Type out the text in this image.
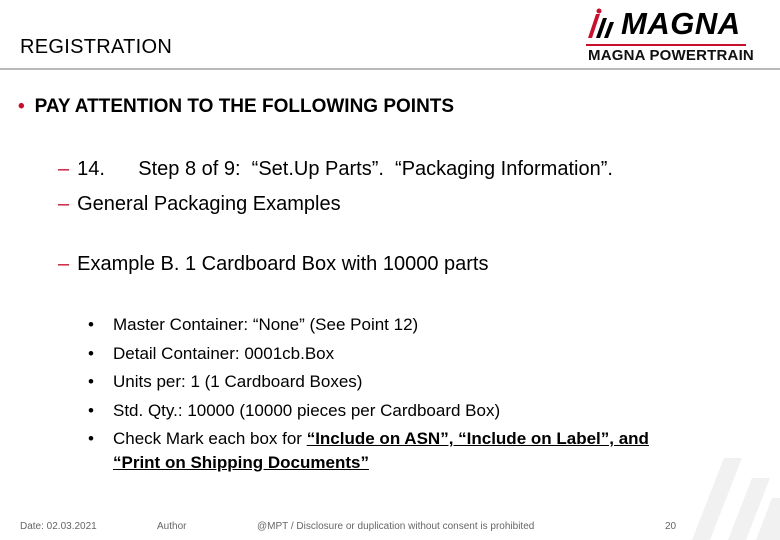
REGISTRATION
MAGNA
MAGNA POWERTRAIN
• PAY ATTENTION TO THE FOLLOWING POINTS
– 14.      Step 8 of 9:  “Set.Up Parts”.  “Packaging Information”.
– General Packaging Examples
– Example B. 1 Cardboard Box with 10000 parts
• Master Container: “None” (See Point 12)
• Detail Container: 0001cb.Box
• Units per: 1 (1 Cardboard Boxes)
• Std. Qty.: 10000 (10000 pieces per Cardboard Box)
• Check Mark each box for “Include on ASN”, “Include on Label”, and
“Print on Shipping Documents”
Date: 02.03.2021	Author	@MPT / Disclosure or duplication without consent is prohibited	20
